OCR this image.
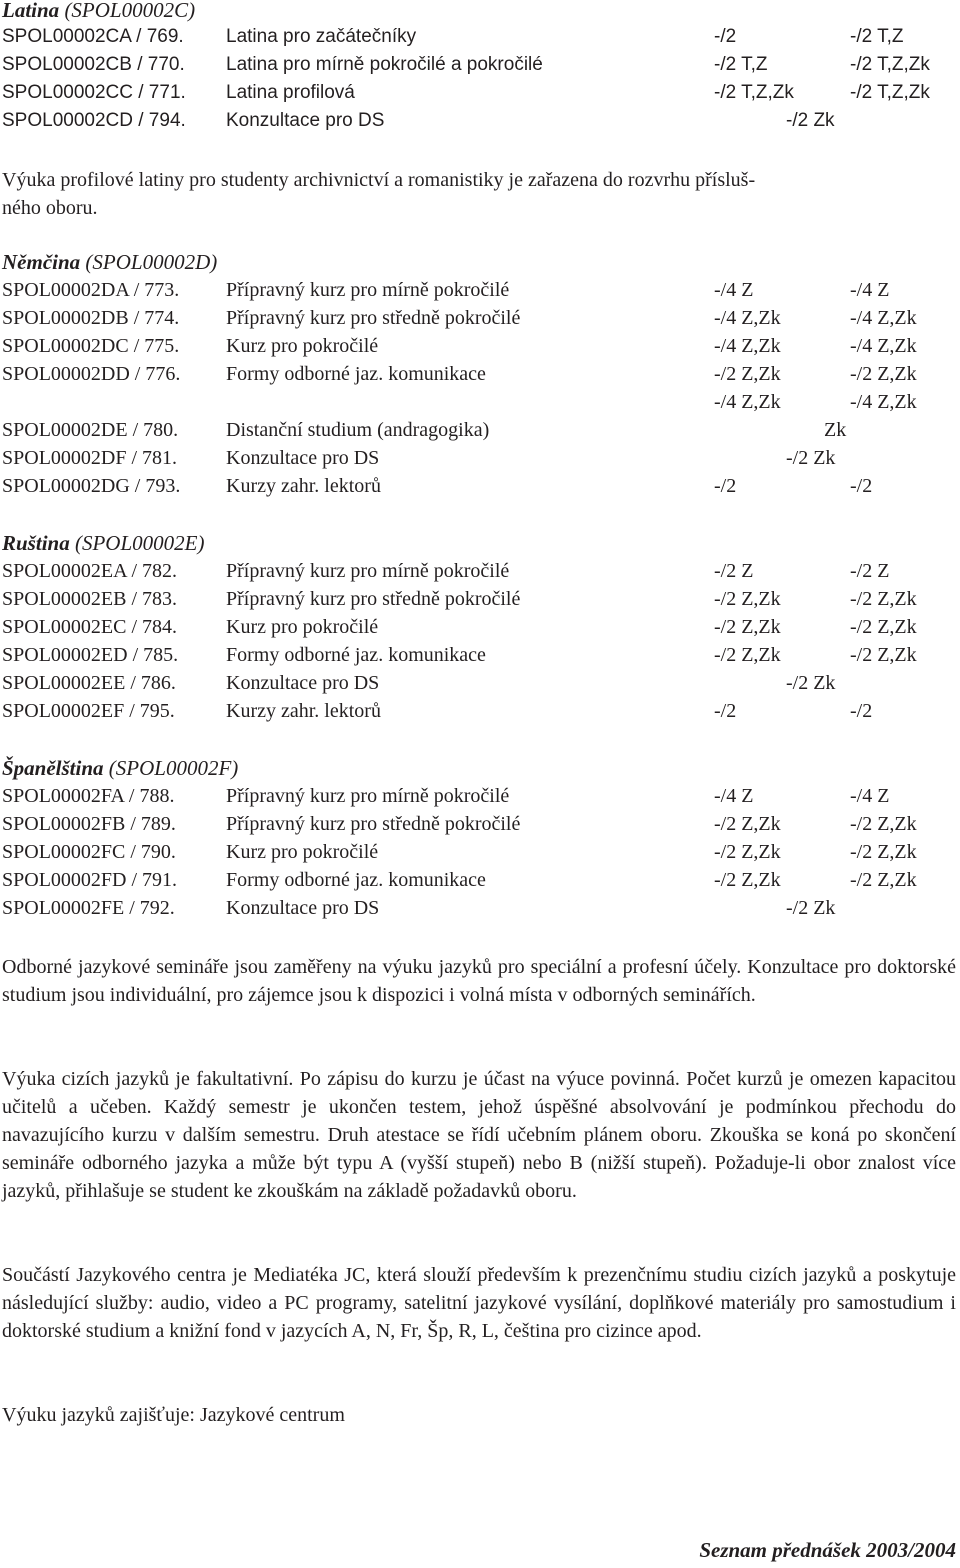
Latina (SPOL00002C)
SPOL00002CA / 769. Latina pro začátečníky	-/2	-/2 T,Z
SPOL00002CB / 770. Latina pro mírně pokročilé a pokročilé	-/2 T,Z	-/2 T,Z,Zk
SPOL00002CC / 771. Latina profilová	-/2 T,Z,Zk	-/2 T,Z,Zk
SPOL00002CD / 794. Konzultace pro DS	-/2 Zk
Výuka profilové latiny pro studenty archivnictví a romanistiky je zařazena do rozvrhu přísluš-
ného oboru.
Němčina (SPOL00002D)
SPOL00002DA / 773. Přípravný kurz pro mírně pokročilé	-/4 Z	-/4 Z
SPOL00002DB / 774. Přípravný kurz pro středně pokročilé	-/4 Z,Zk	-/4 Z,Zk
SPOL00002DC / 775. Kurz pro pokročilé	-/4 Z,Zk	-/4 Z,Zk
SPOL00002DD / 776. Formy odborné jaz. komunikace	-/2 Z,Zk	-/2 Z,Zk
-/4 Z,Zk	-/4 Z,Zk
SPOL00002DE / 780. Distanční studium (andragogika)	Zk
SPOL00002DF / 781. Konzultace pro DS	-/2 Zk
SPOL00002DG / 793. Kurzy zahr. lektorů	-/2	-/2
Ruština (SPOL00002E)
SPOL00002EA / 782. Přípravný kurz pro mírně pokročilé	-/2 Z	-/2 Z
SPOL00002EB / 783. Přípravný kurz pro středně pokročilé	-/2 Z,Zk	-/2 Z,Zk
SPOL00002EC / 784. Kurz pro pokročilé	-/2 Z,Zk	-/2 Z,Zk
SPOL00002ED / 785. Formy odborné jaz. komunikace	-/2 Z,Zk	-/2 Z,Zk
SPOL00002EE / 786.	Konzultace pro DS	-/2 Zk
SPOL00002EF / 795.	Kurzy zahr. lektorů	-/2	-/2
Španělština (SPOL00002F)
SPOL00002FA / 788.	Přípravný kurz pro mírně pokročilé	-/4 Z	-/4 Z
SPOL00002FB / 789.	Přípravný kurz pro středně pokročilé	-/2 Z,Zk	-/2 Z,Zk
SPOL00002FC / 790.	Kurz pro pokročilé	-/2 Z,Zk	-/2 Z,Zk
SPOL00002FD / 791. Formy odborné jaz. komunikace	-/2 Z,Zk	-/2 Z,Zk
SPOL00002FE / 792.	Konzultace pro DS	-/2 Zk

Odborné jazykové semináře jsou zaměřeny na výuku jazyků pro speciální a profesní účely. Konzultace pro doktorské studium jsou individuální, pro zájemce jsou k dispozici i volná místa v odborných seminářích.

Výuka cizích jazyků je fakultativní. Po zápisu do kurzu je účast na výuce povinná. Počet kurzů je omezen kapacitou učitelů a učeben. Každý semestr je ukončen testem, jehož úspěšné absolvování je podmínkou přechodu do navazujícího kurzu v dalším semestru. Druh atestace se řídí učebním plánem oboru. Zkouška se koná po skončení semináře odborného jazyka a může být typu A (vyšší stupeň) nebo B (nižší stupeň). Požaduje-li obor znalost více jazyků, přihlašuje se student ke zkouškám na základě požadavků oboru.

Součástí Jazykového centra je Mediatéka JC, která slouží především k prezenčnímu studiu cizích jazyků a poskytuje následující služby: audio, video a PC programy, satelitní jazykové vysílání, doplňkové materiály pro samostudium i doktorské studium a knižní fond v jazycích A, N, Fr, Šp, R, L, čeština pro cizince apod.

Výuku jazyků zajišťuje: Jazykové centrum

Seznam přednášek 2003/2004
